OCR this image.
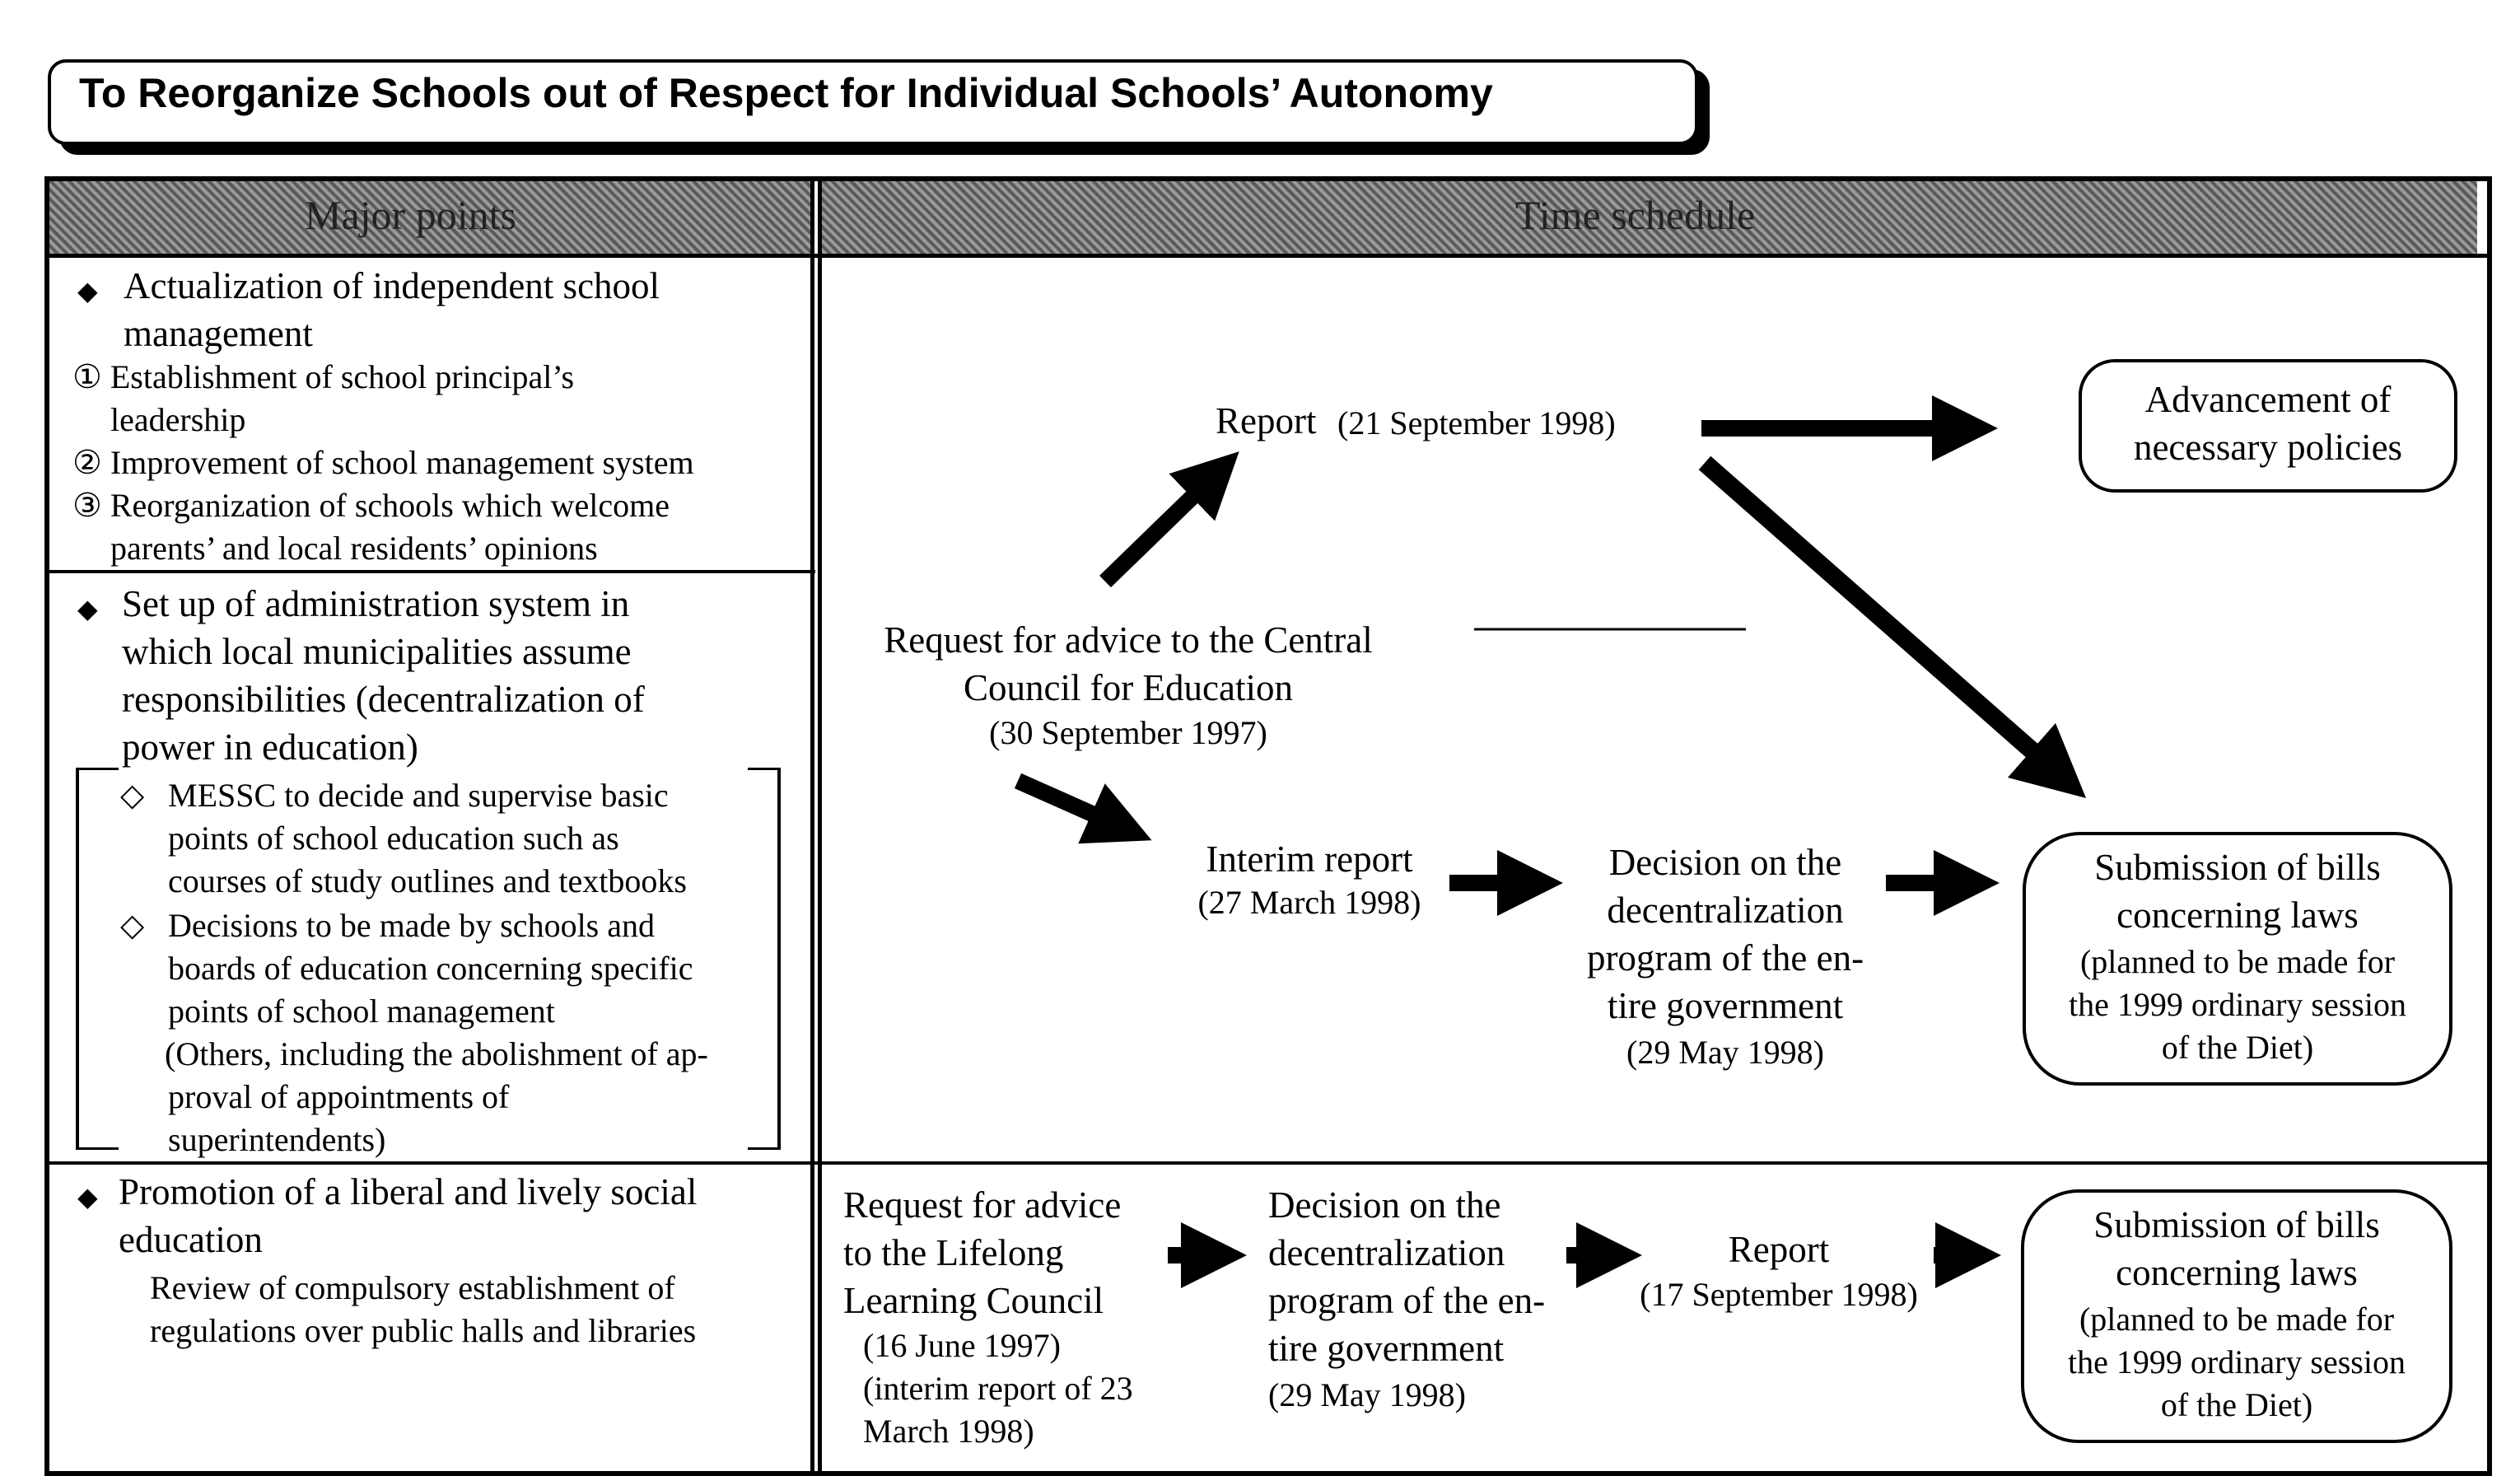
To Reorganize Schools out of Respect for Individual Schools’ Autonomy
Major points	Time schedule
◆ Actualization of independent school
management
① Establishment of school principal’s
leadership
② Improvement of school management system
③ Reorganization of schools which welcome
parents’ and local residents’ opinions
◆ Set up of administration system in
which local municipalities assume
responsibilities (decentralization of
power in education)
◇ MESSC to decide and supervise basic
points of school education such as
courses of study outlines and textbooks
◇ Decisions to be made by schools and
boards of education concerning specific
points of school management
(Others, including the abolishment of ap-
proval of appointments of
superintendents)
◆ Promotion of a liberal and lively social
education
Review of compulsory establishment of
regulations over public halls and libraries
Report (21 September 1998)
Advancement of
necessary policies
Request for advice to the Central
Council for Education
(30 September 1997)
Interim report
(27 March 1998)
Decision on the
decentralization
program of the en-
tire government
(29 May 1998)
Submission of bills
concerning laws
(planned to be made for
the 1999 ordinary session
of the Diet)
Request for advice
to the Lifelong
Learning Council
(16 June 1997)
(interim report of 23
March 1998)
Decision on the
decentralization
program of the en-
tire government
(29 May 1998)
Report
(17 September 1998)
Submission of bills
concerning laws
(planned to be made for
the 1999 ordinary session
of the Diet)
